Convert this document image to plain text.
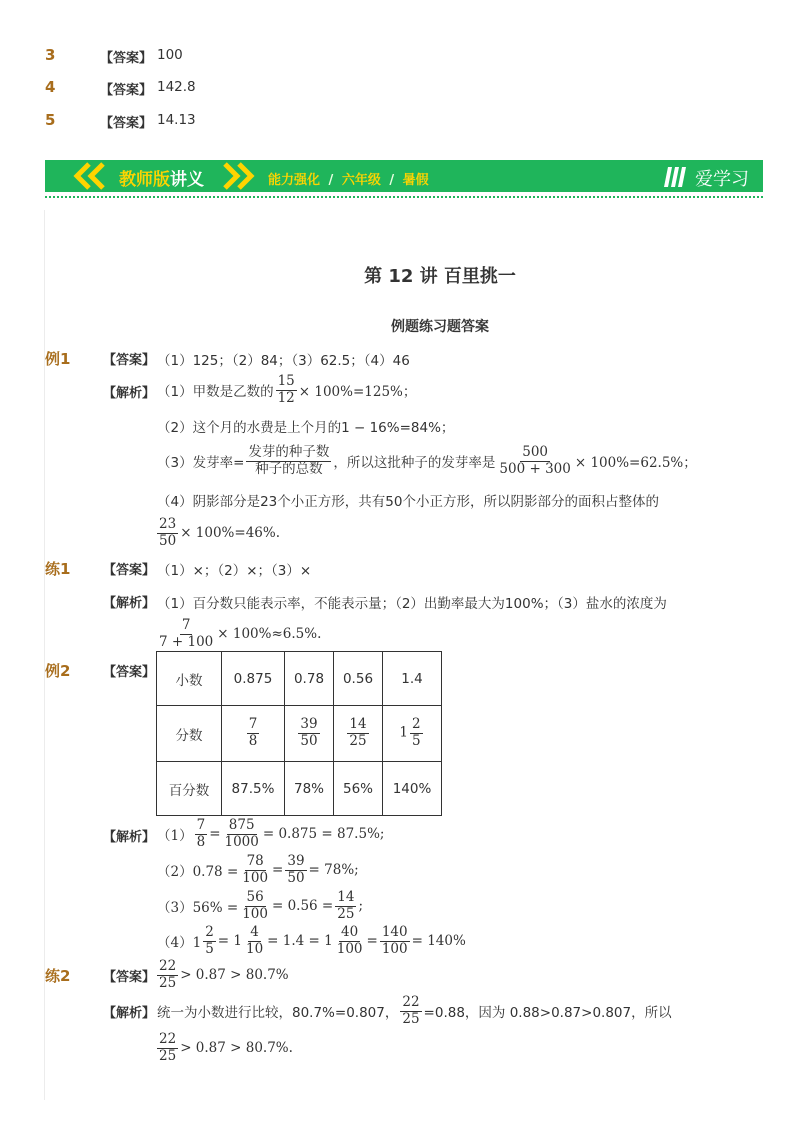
3	【答案】 100
4	【答案】 142.8
5	【答案】 14.13
教师版讲义	能力强化 / 六年级 / 暑假	爱学习
第 12 讲 百里挑一
例题练习题答案
例1	【答案】 （1）125；（2）84；（3）62.5；（4）46
【解析】 （1）甲数是乙数的 $\frac{15}{12} \times 100\%=125\%$；
（2）这个月的水费是上个月的1 − 16%=84%；
（3）发芽率= $\frac{\text{发芽的种子数}}{\text{种子的总数}}$ ，所以这批种子的发芽率是 $\frac{500}{500 + 300} \times 100\%=62.5\%$；
（4）阴影部分是23个小正方形，共有50个小正方形，所以阴影部分的面积占整体的
$\frac{23}{50} \times 100\%=46\%$.
练1	【答案】 （1）×；（2）×；（3）×
【解析】 （1）百分数只能表示率，不能表示量；（2）出勤率最大为100%；（3）盐水的浓度为
$\frac{7}{7 + 100} \times 100\%\approx 6.5\%$.
例2	【答案】 小数	0.875	0.78	0.56	1.4
分数	$\frac{7}{8}$	$\frac{39}{50}$	$\frac{14}{25}$	$1 \frac{2}{5}$

百分数	87.5%	78%	56%	140%
【解析】 $(1) \frac{7}{8} = \frac{875}{1000} = 0.875 = 87.5\%$;
$(2)0.78 = \frac{78}{100} = \frac{39}{50} = 78\%$;
$(3)56\% = \frac{56}{100} = 0.56 = \frac{14}{25}$ ;
$(4)1 \frac{2}{5} = 1 \frac{4}{10} = 1.4 = 1 \frac{40}{100} = \frac{140}{100} = 140\%$
练2	【答案】 $\frac{22}{25} > 0.87 > 80.7\%$
【解析】 统一为小数进行比较，80.7%=0.807， $\frac{22}{25} =0.88$，因为 0.88>0.87>0.807，所以
$\frac{22}{25} > 0.87 > 80.7\%$.
